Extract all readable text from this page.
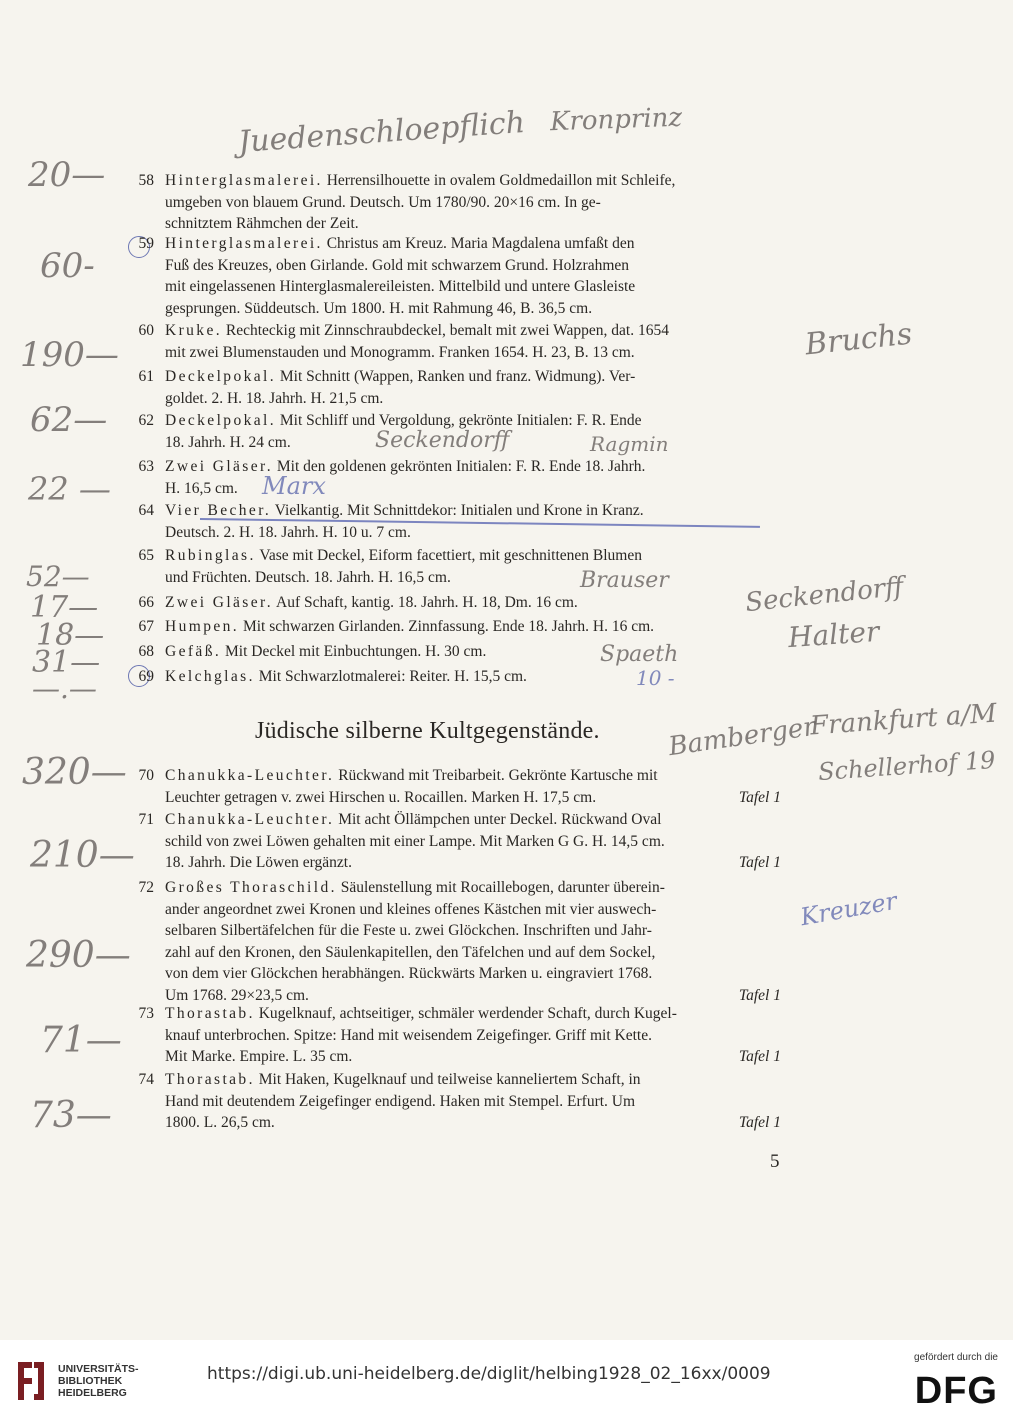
Juedenschloepflich Kronprinz
20—
60-
190—
62—
22 —
52—
17—
18—
31—
—.—
320—
210—
290—
71—
73—
Bruchs
Seckendorff	Ragmin
Marx
Brauser	Seckendorff
Halter
Spaeth
10 -
Bamberger
Frankfurt a/M
Schellerhof 19
Kreuzer
58 Hinterglasmalerei. Herrensilhouette in ovalem Goldmedaillon mit Schleife,
umgeben von blauem Grund. Deutsch. Um 1780/90. 20×16 cm. In ge-
schnitztem Rähmchen der Zeit.
59 Hinterglasmalerei. Christus am Kreuz. Maria Magdalena umfaßt den
Fuß des Kreuzes, oben Girlande. Gold mit schwarzem Grund. Holzrahmen
mit eingelassenen Hinterglasmalereileisten. Mittelbild und untere Glasleiste
gesprungen. Süddeutsch. Um 1800. H. mit Rahmung 46, B. 36,5 cm.
60 Kruke. Rechteckig mit Zinnschraubdeckel, bemalt mit zwei Wappen, dat. 1654
mit zwei Blumenstauden und Monogramm. Franken 1654. H. 23, B. 13 cm.
61 Deckelpokal. Mit Schnitt (Wappen, Ranken und franz. Widmung). Ver-
goldet. 2. H. 18. Jahrh. H. 21,5 cm.
62 Deckelpokal. Mit Schliff und Vergoldung, gekrönte Initialen: F. R. Ende
18. Jahrh. H. 24 cm.
63 Zwei Gläser. Mit den goldenen gekrönten Initialen: F. R. Ende 18. Jahrh.
H. 16,5 cm.
64 Vier Becher. Vielkantig. Mit Schnittdekor: Initialen und Krone in Kranz.
Deutsch. 2. H. 18. Jahrh. H. 10 u. 7 cm.
65 Rubinglas. Vase mit Deckel, Eiform facettiert, mit geschnittenen Blumen
und Früchten. Deutsch. 18. Jahrh. H. 16,5 cm.
66 Zwei Gläser. Auf Schaft, kantig. 18. Jahrh. H. 18, Dm. 16 cm.
67 Humpen. Mit schwarzen Girlanden. Zinnfassung. Ende 18. Jahrh. H. 16 cm.
68 Gefäß. Mit Deckel mit Einbuchtungen. H. 30 cm.
69 Kelchglas. Mit Schwarzlotmalerei: Reiter. H. 15,5 cm.
70 Chanukka-Leuchter. Rückwand mit Treibarbeit. Gekrönte Kartusche mit
Leuchter getragen v. zwei Hirschen u. Rocaillen. Marken H. 17,5 cm.	Tafel 1
71 Chanukka-Leuchter. Mit acht Öllämpchen unter Deckel. Rückwand Oval
schild von zwei Löwen gehalten mit einer Lampe. Mit Marken G G. H. 14,5 cm.
18. Jahrh. Die Löwen ergänzt.	Tafel 1
72 Großes Thoraschild. Säulenstellung mit Rocaillebogen, darunter überein-
ander angeordnet zwei Kronen und kleines offenes Kästchen mit vier auswech-
selbaren Silbertäfelchen für die Feste u. zwei Glöckchen. Inschriften und Jahr-
zahl auf den Kronen, den Säulenkapitellen, den Täfelchen und auf dem Sockel,
von dem vier Glöckchen herabhängen. Rückwärts Marken u. eingraviert 1768.
Um 1768. 29×23,5 cm.	Tafel 1
73 Thorastab. Kugelknauf, achtseitiger, schmäler werdender Schaft, durch Kugel-
knauf unterbrochen. Spitze: Hand mit weisendem Zeigefinger. Griff mit Kette.
Mit Marke. Empire. L. 35 cm.	Tafel 1
74 Thorastab. Mit Haken, Kugelknauf und teilweise kanneliertem Schaft, in
Hand mit deutendem Zeigefinger endigend. Haken mit Stempel. Erfurt. Um
1800. L. 26,5 cm.	Tafel 1
Jüdische silberne Kultgegenstände.
5
UNIVERSITÄTS-
BIBLIOTHEK
HEIDELBERG
https://digi.ub.uni-heidelberg.de/diglit/helbing1928_02_16xx/0009
gefördert durch die
DFG
